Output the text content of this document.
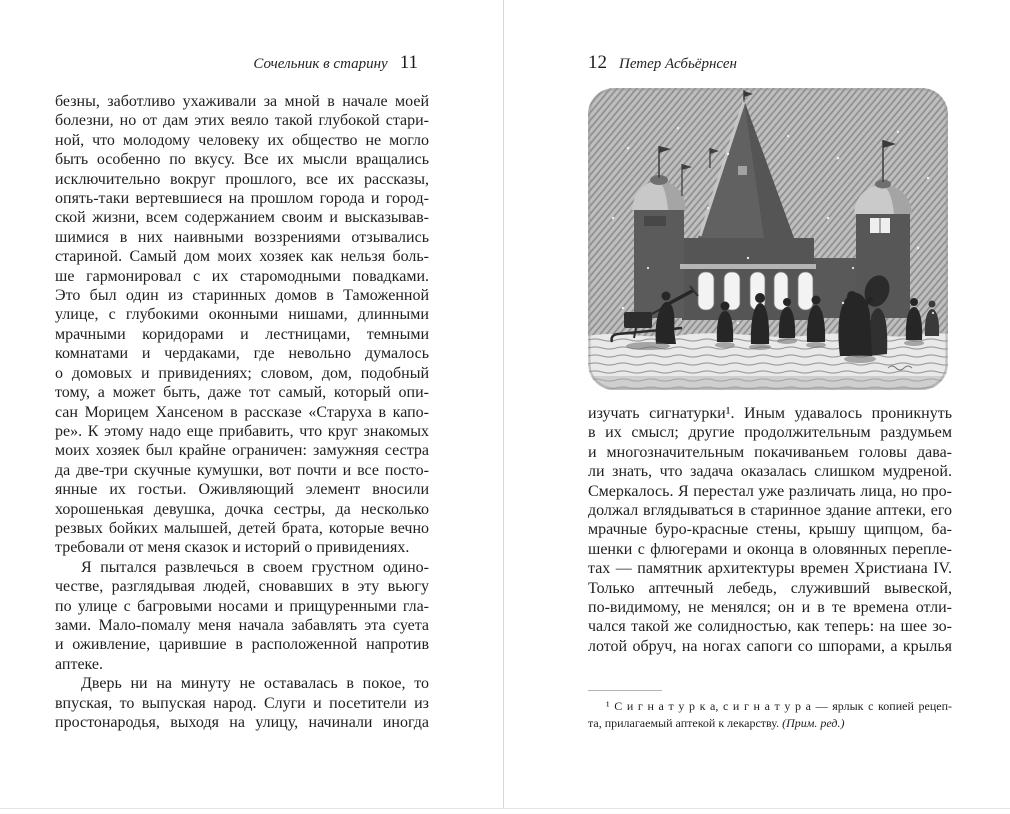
Сочельник в старину 11
безны, заботливо ухаживали за мной в начале моей
болезни, но от дам этих веяло такой глубокой стари-
ной, что молодому человеку их общество не могло
быть особенно по вкусу. Все их мысли вращались
исключительно вокруг прошлого, все их рассказы,
опять-таки вертевшиеся на прошлом города и город-
ской жизни, всем содержанием своим и высказывав-
шимися в них наивными воззрениями отзывались
стариной. Самый дом моих хозяек как нельзя боль-
ше гармонировал с их старомодными повадками.
Это был один из старинных домов в Таможенной
улице, с глубокими оконными нишами, длинными
мрачными коридорами и лестницами, темными
комнатами и чердаками, где невольно думалось
о домовых и привидениях; словом, дом, подобный
тому, а может быть, даже тот самый, который опи-
сан Морицем Хансеном в рассказе «Старуха в капо-
ре». К этому надо еще прибавить, что круг знакомых
моих хозяек был крайне ограничен: замужняя сестра
да две-три скучные кумушки, вот почти и все посто-
янные их гостьи. Оживляющий элемент вносили
хорошенькая девушка, дочка сестры, да несколько
резвых бойких малышей, детей брата, которые вечно
требовали от меня сказок и историй о привидениях.
Я пытался развлечься в своем грустном одино-
честве, разглядывая людей, сновавших в эту вьюгу
по улице с багровыми носами и прищуренными гла-
зами. Мало-помалу меня начала забавлять эта суета
и оживление, царившие в расположенной напротив
аптеке.
Дверь ни на минуту не оставалась в покое, то
впуская, то выпуская народ. Слуги и посетители из
простонародья, выходя на улицу, начинали иногда
12 Петер Асбьёрнсен
изучать сигнатурки¹. Иным удавалось проникнуть
в их смысл; другие продолжительным раздумьем
и многозначительным покачиваньем головы дава-
ли знать, что задача оказалась слишком мудреной.
Смеркалось. Я перестал уже различать лица, но про-
должал вглядываться в старинное здание аптеки, его
мрачные буро-красные стены, крышу щипцом, ба-
шенки с флюгерами и оконца в оловянных перепле-
тах — памятник архитектуры времен Христиана IV.
Только аптечный лебедь, служивший вывеской,
по-видимому, не менялся; он и в те времена отли-
чался такой же солидностью, как теперь: на шее зо-
лотой обруч, на ногах сапоги со шпорами, а крылья
¹ С и г н а т у р к а, с и г н а т у р а — ярлык с копией рецеп-
та, прилагаемый аптекой к лекарству. (Прим. ред.)
